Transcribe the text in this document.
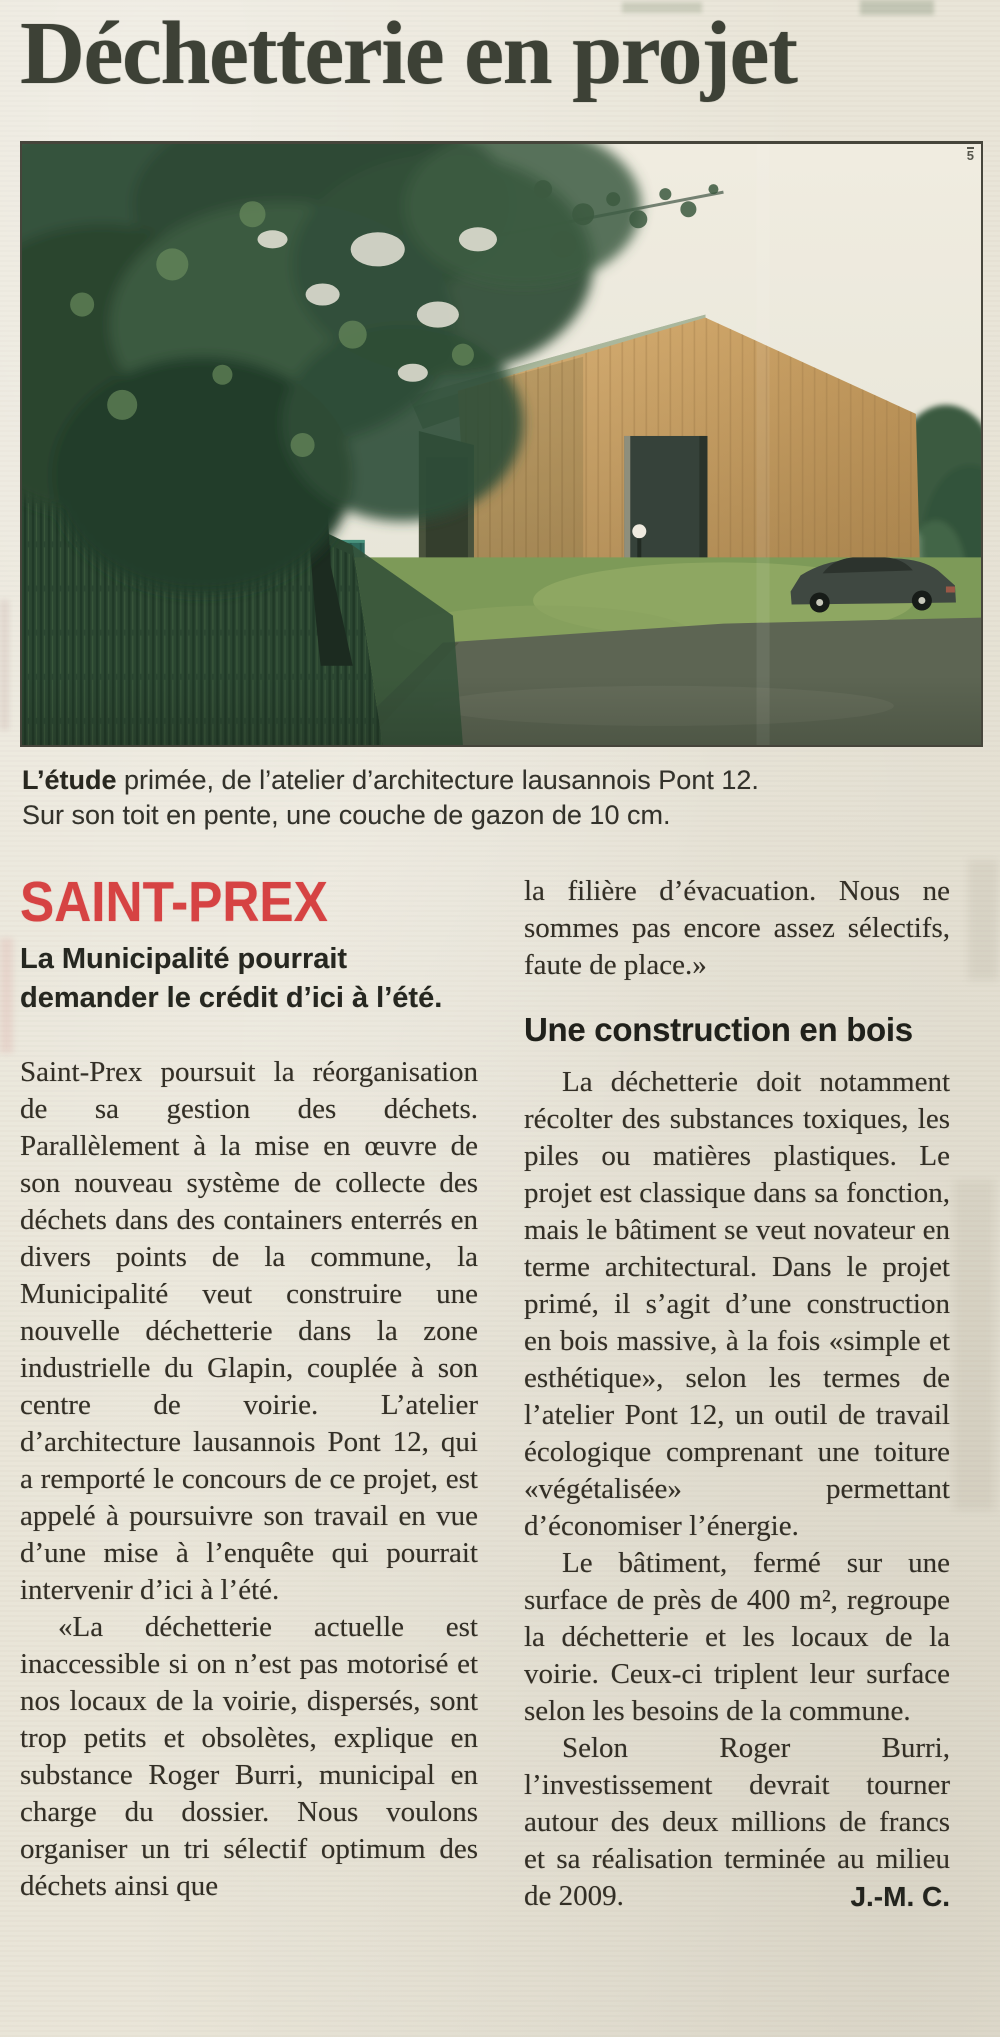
Déchetterie en projet
5

L’étude primée, de l’atelier d’architecture lausannois Pont 12.
Sur son toit en pente, une couche de gazon de 10 cm.

SAINT-PREX
La Municipalité pourrait
demander le crédit d’ici à l’été.

Saint-Prex poursuit la réorganisation de sa gestion des déchets. Parallèlement à la mise en œuvre de son nouveau système de collecte des déchets dans des containers enterrés en divers points de la commune, la Municipalité veut construire une nouvelle déchetterie dans la zone industrielle du Glapin, couplée à son centre de voirie. L’atelier d’architecture lausannois Pont 12, qui a remporté le concours de ce projet, est appelé à poursuivre son travail en vue d’une mise à l’enquête qui pourrait intervenir d’ici à l’été.

«La déchetterie actuelle est inaccessible si on n’est pas motorisé et nos locaux de la voirie, dispersés, sont trop petits et obsolètes, explique en substance Roger Burri, municipal en charge du dossier. Nous voulons organiser un tri sélectif optimum des déchets ainsi que

la filière d’évacuation. Nous ne sommes pas encore assez sélectifs, faute de place.»

Une construction en bois

La déchetterie doit notamment récolter des substances toxiques, les piles ou matières plastiques. Le projet est classique dans sa fonction, mais le bâtiment se veut novateur en terme architectural. Dans le projet primé, il s’agit d’une construction en bois massive, à la fois «simple et esthétique», selon les termes de l’atelier Pont 12, un outil de travail écologique comprenant une toiture «végétalisée» permettant d’économiser l’énergie.

Le bâtiment, fermé sur une surface de près de 400 m², regroupe la déchetterie et les locaux de la voirie. Ceux-ci triplent leur surface selon les besoins de la commune.

Selon Roger Burri, l’investissement devrait tourner autour des deux millions de francs et sa réalisation terminée au milieu de 2009.	J.-M. C.
